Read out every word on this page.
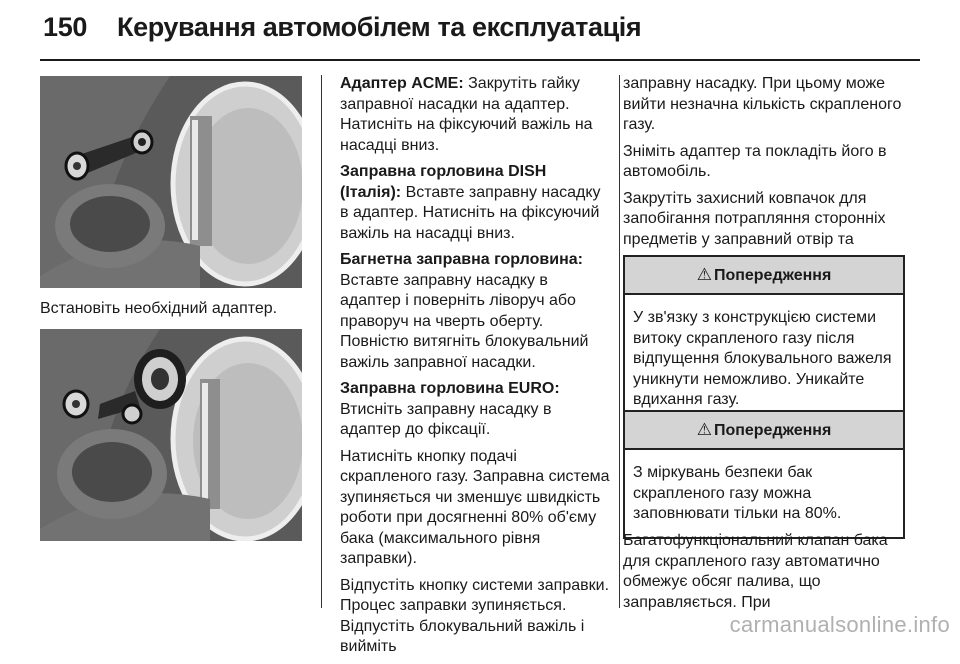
150 Керування автомобілем та експлуатація
Встановіть необхідний адаптер.

Адаптер ACME: Закрутіть гайку заправної насадки на адаптер. Натисніть на фіксуючий важіль на насадці вниз.

Заправна горловина DISH (Італія): Вставте заправну насадку в адаптер. Натисніть на фіксуючий важіль на насадці вниз.

Багнетна заправна горловина: Вставте заправну насадку в адаптер і поверніть ліворуч або праворуч на чверть оберту. Повністю витягніть блокувальний важіль заправної насадки.

Заправна горловина EURO: Втисніть заправну насадку в адаптер до фіксації.

Натисніть кнопку подачі скрапленого газу. Заправна система зупиняється чи зменшує швидкість роботи при досягненні 80% об'єму бака (максимального рівня заправки).

Відпустіть кнопку системи заправки. Процес заправки зупиняється. Відпустіть блокувальний важіль і вийміть

заправну насадку. При цьому може вийти незначна кількість скрапленого газу.

Зніміть адаптер та покладіть його в автомобіль.

Закрутіть захисний ковпачок для запобігання потрапляння сторонніх предметів у заправний отвір та

⚠ Попередження
У зв'язку з конструкцією системи витоку скрапленого газу після відпущення блокувального важеля уникнути неможливо. Уникайте вдихання газу.
⚠ Попередження
З міркувань безпеки бак скрапленого газу можна заповнювати тільки на 80%.

Багатофункціональний клапан бака для скрапленого газу автоматично обмежує обсяг палива, що заправляється. При

carmanualsonline.info
